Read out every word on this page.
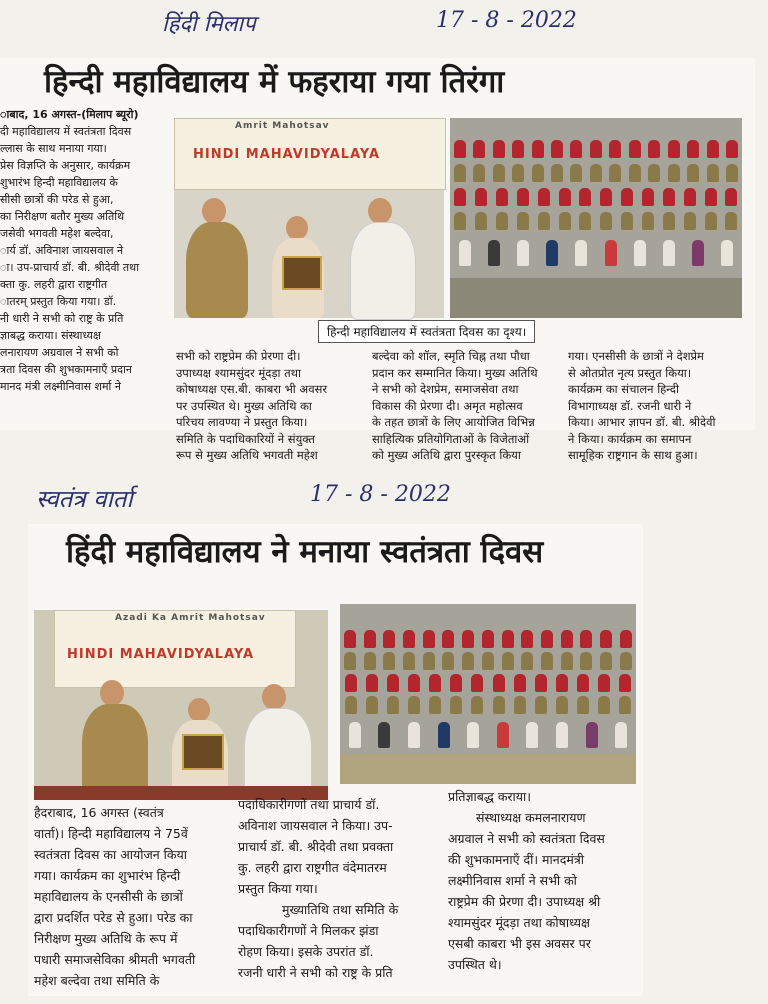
हिंदी मिलाप	17 - 8 - 2022
हिन्दी महाविद्यालय में फहराया गया तिरंगा
ाबाद, 16 अगस्त-(मिलाप ब्यूरो)
दी महाविद्यालय में स्वतंत्रता दिवस
ल्लास के साथ मनाया गया।
प्रेस विज्ञप्ति के अनुसार, कार्यक्रम
शुभारंभ हिन्दी महाविद्यालय के
सीसी छात्रों की परेड से हुआ,
का निरीक्षण बतौर मुख्य अतिथि
जसेवी भगवती महेश बल्देवा,
ार्य डॉ. अविनाश जायसवाल ने
ा। उप-प्राचार्य डॉ. बी. श्रीदेवी तथा
क्ता कु. लहरी द्वारा राष्ट्रगीत
ातरम्‌ प्रस्तुत किया गया। डॉ.
नी धारी ने सभी को राष्ट्र के प्रति
ज्ञाबद्ध कराया। संस्थाध्यक्ष
लनारायण अग्रवाल ने सभी को
त्रता दिवस की शुभकामनाएँ प्रदान
मानद मंत्री लक्ष्मीनिवास शर्मा ने
Amrit Mahotsav
HINDI MAHAVIDYALAYA
हिन्दी महाविद्यालय में स्वतंत्रता दिवस का दृश्य।
सभी को राष्ट्रप्रेम की प्रेरणा दी।
उपाध्यक्ष श्यामसुंदर मूंदड़ा तथा
कोषाध्यक्ष एस.बी. काबरा भी अवसर
पर उपस्थित थे। मुख्य अतिथि का
परिचय लावण्या ने प्रस्तुत किया।
समिति के पदाधिकारियों ने संयुक्त
रूप से मुख्य अतिथि भगवती महेश
बल्देवा को शॉल, स्मृति चिह्न तथा पौधा
प्रदान कर सम्मानित किया। मुख्य अतिथि
ने सभी को देशप्रेम, समाजसेवा तथा
विकास की प्रेरणा दी। अमृत महोत्सव
के तहत छात्रों के लिए आयोजित विभिन्न
साहित्यिक प्रतियोगिताओं के विजेताओं
को मुख्य अतिथि द्वारा पुरस्कृत किया
गया। एनसीसी के छात्रों ने देशप्रेम
से ओतप्रोत नृत्य प्रस्तुत किया।
कार्यक्रम का संचालन हिन्दी
विभागाध्यक्ष डॉ. रजनी धारी ने
किया। आभार ज्ञापन डॉ. बी. श्रीदेवी
ने किया। कार्यक्रम का समापन
सामूहिक राष्ट्रगान के साथ हुआ।
स्वतंत्र वार्ता	17 - 8 - 2022
हिंदी महाविद्यालय ने मनाया स्वतंत्रता दिवस
Azadi Ka Amrit Mahotsav
HINDI MAHAVIDYALAYA
हैदराबाद, 16 अगस्त (स्वतंत्र
वार्ता)। हिन्दी महाविद्यालय ने 75वें
स्वतंत्रता दिवस का आयोजन किया
गया। कार्यक्रम का शुभारंभ हिन्दी
महाविद्यालय के एनसीसी के छात्रों
द्वारा प्रदर्शित परेड से हुआ। परेड का
निरीक्षण मुख्य अतिथि के रूप में
पधारी समाजसेविका श्रीमती भगवती
महेश बल्देवा तथा समिति के
पदाधिकारीगणों तथा प्राचार्य डॉ.
अविनाश जायसवाल ने किया। उप-
प्राचार्य डॉ. बी. श्रीदेवी तथा प्रवक्ता
कु. लहरी द्वारा राष्ट्रगीत वंदेमातरम
प्रस्तुत किया गया।
मुख्यातिथि तथा समिति के
पदाधिकारीगणों ने मिलकर झंडा
रोहण किया। इसके उपरांत डॉ.
रजनी धारी ने सभी को राष्ट्र के प्रति
प्रतिज्ञाबद्ध कराया।
संस्थाध्यक्ष कमलनारायण
अग्रवाल ने सभी को स्वतंत्रता दिवस
की शुभकामनाएँ दीं। मानदमंत्री
लक्ष्मीनिवास शर्मा ने सभी को
राष्ट्रप्रेम की प्रेरणा दी। उपाध्यक्ष श्री
श्यामसुंदर मूंदड़ा तथा कोषाध्यक्ष
एसबी काबरा भी इस अवसर पर
उपस्थित थे।
